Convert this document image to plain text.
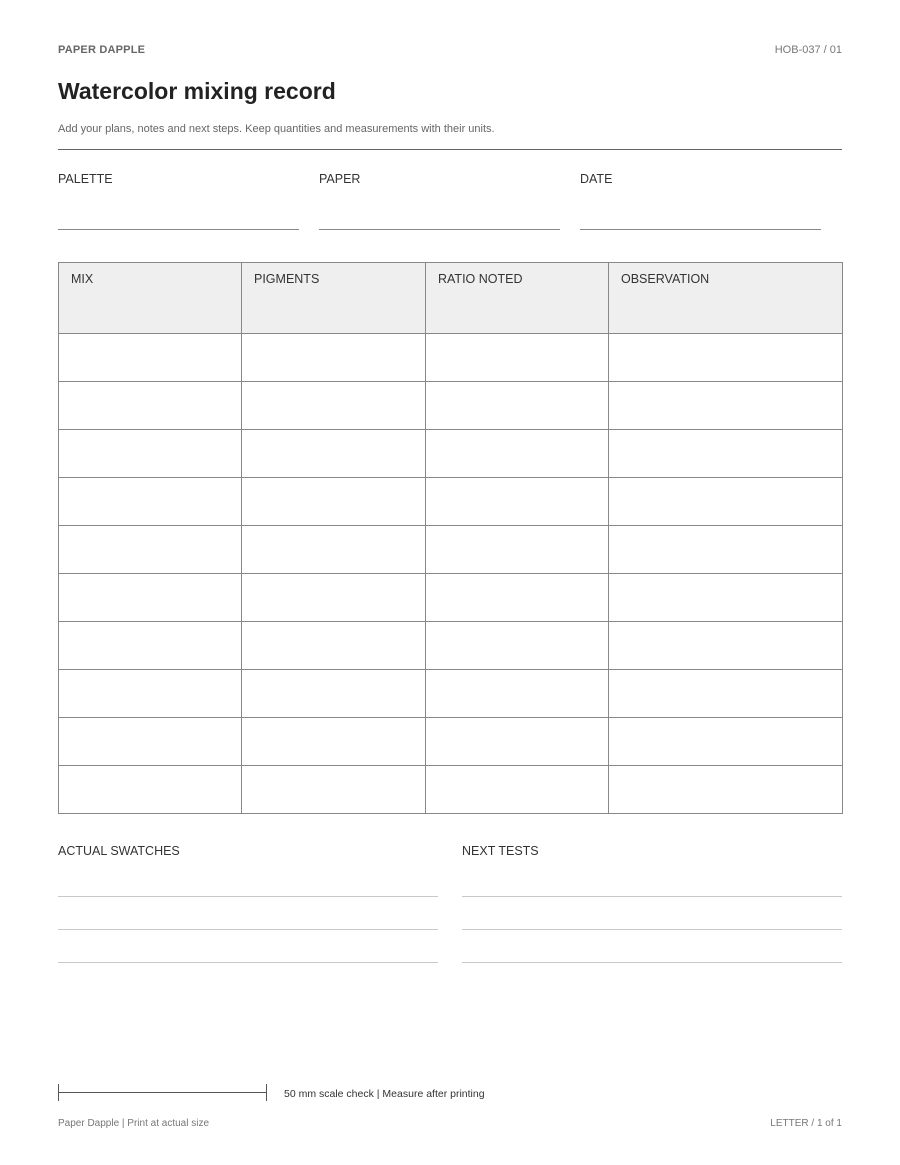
PAPER DAPPLE	HOB-037 / 01
Watercolor mixing record
Add your plans, notes and next steps. Keep quantities and measurements with their units.
PALETTE	PAPER	DATE
MIX	PIGMENTS	RATIO NOTED	OBSERVATION

ACTUAL SWATCHES	NEXT TESTS
50 mm scale check | Measure after printing
Paper Dapple | Print at actual size	LETTER / 1 of 1
